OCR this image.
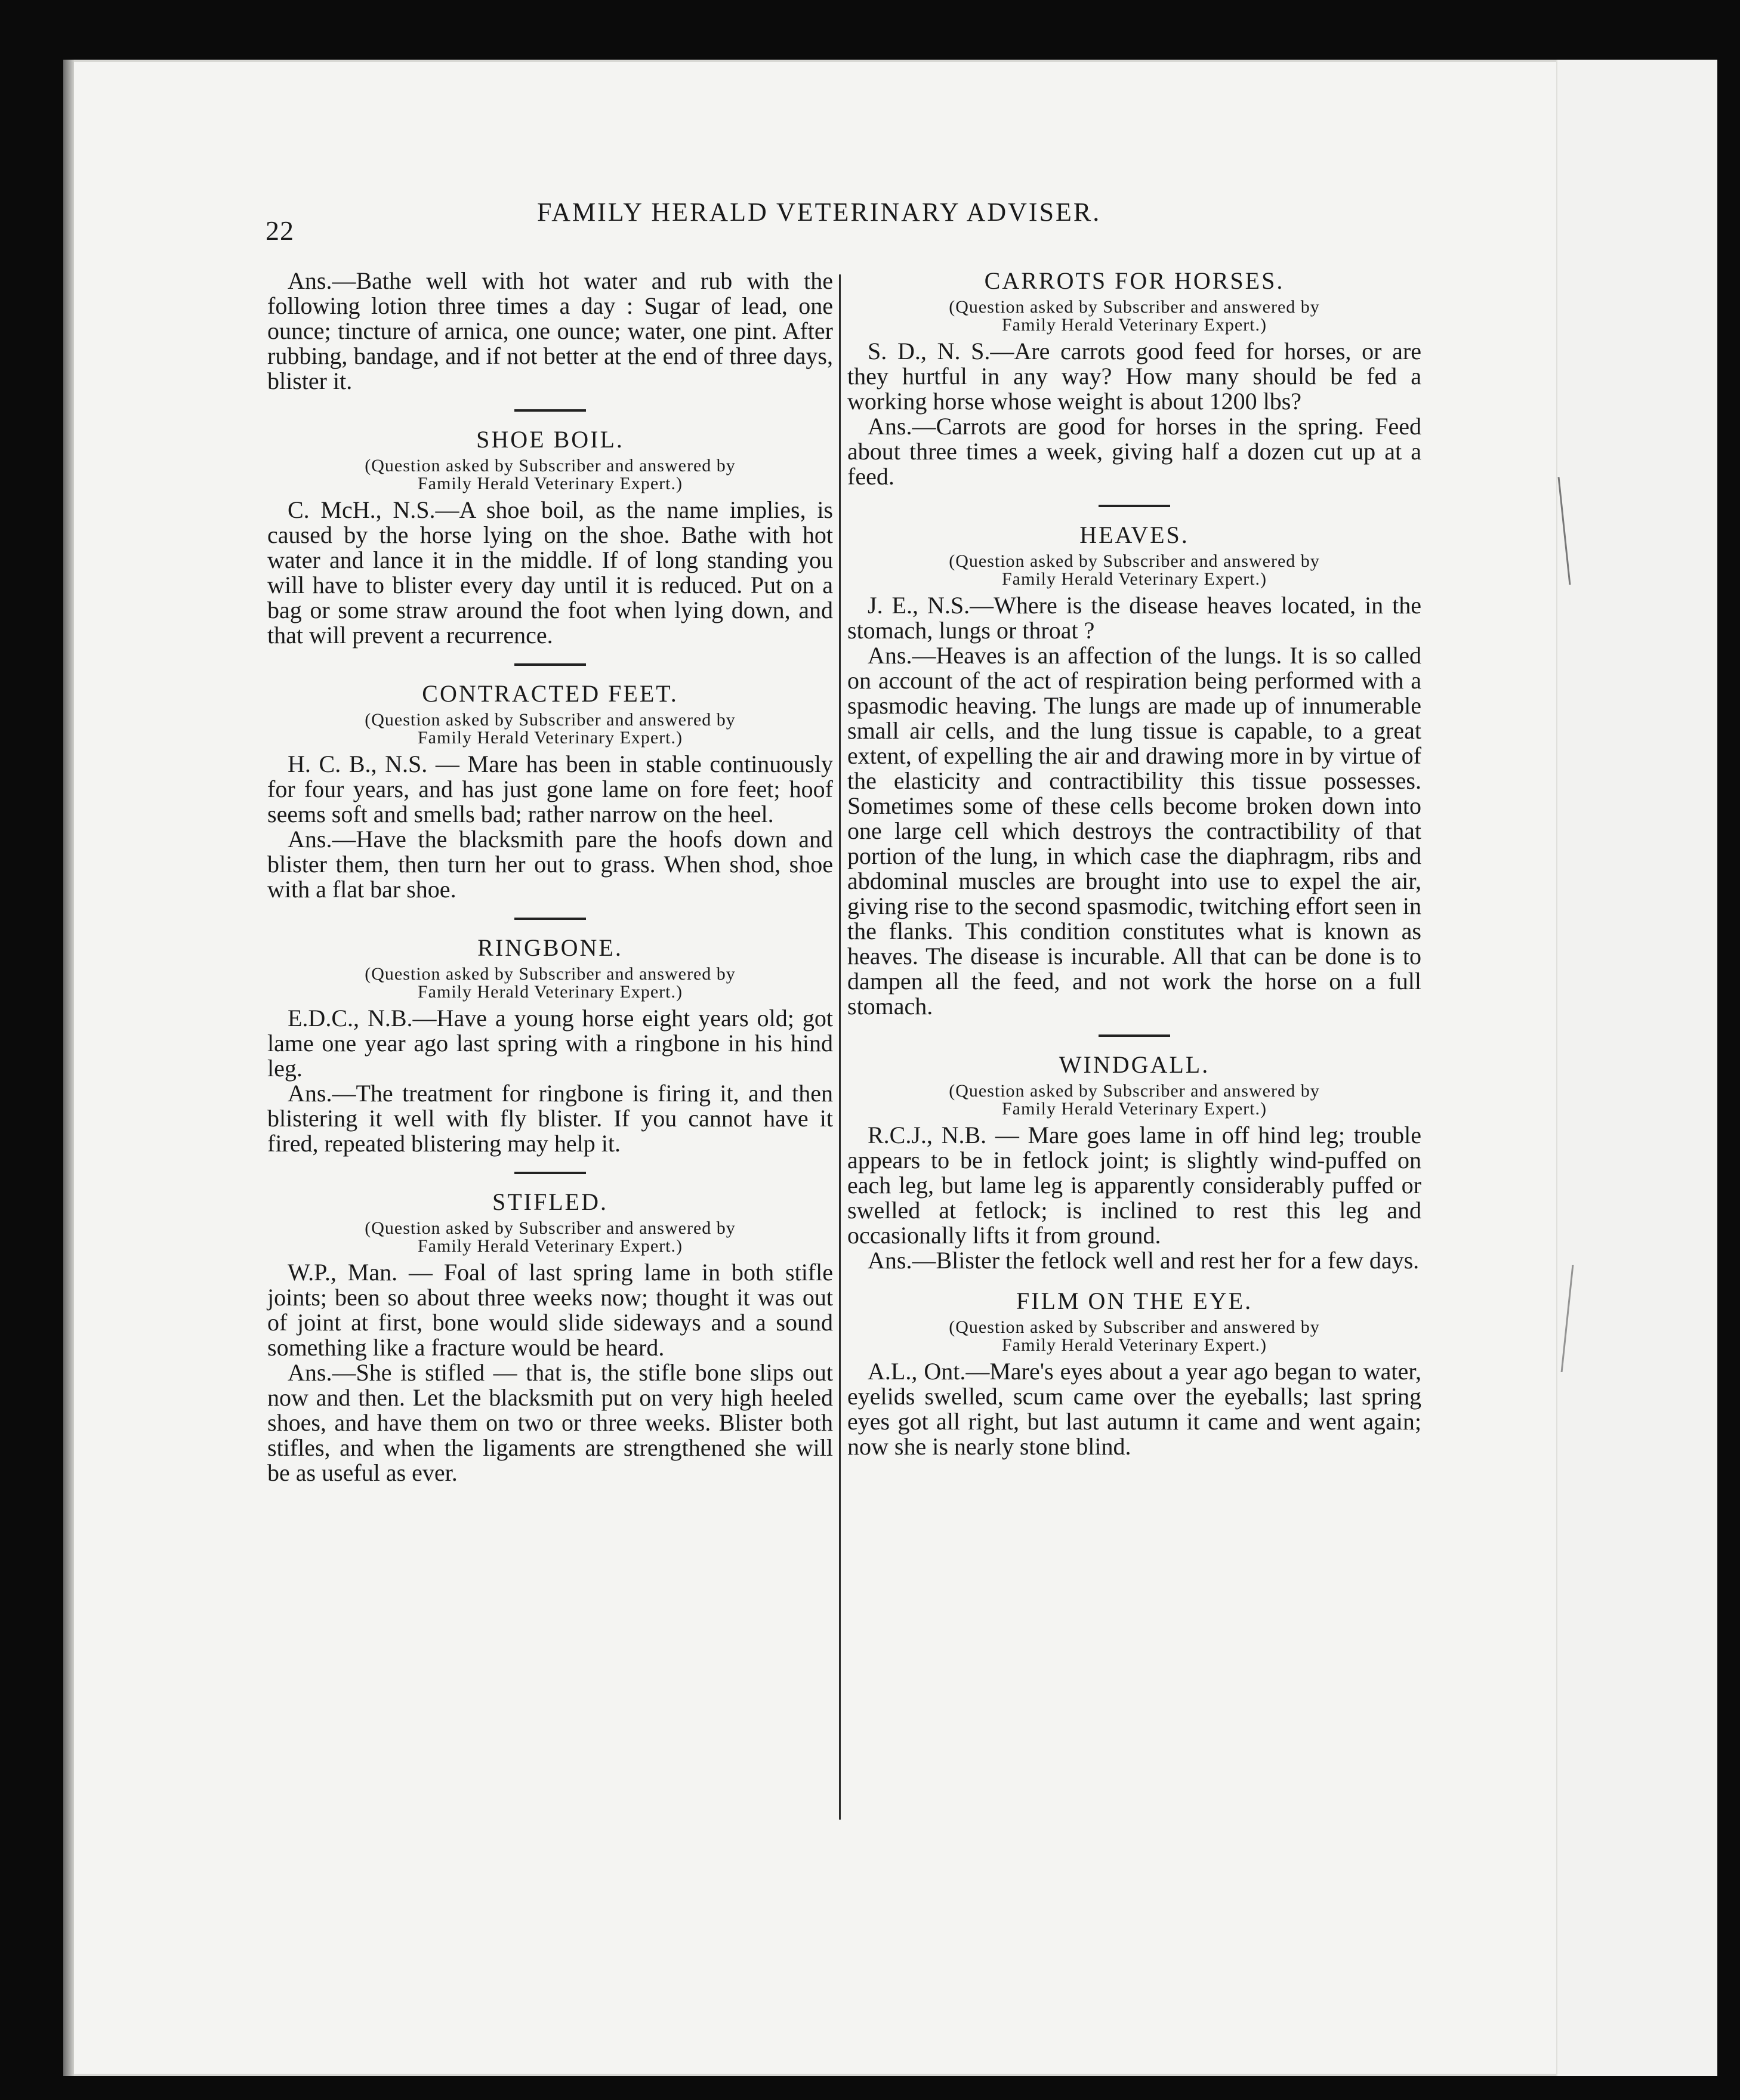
22
FAMILY HERALD VETERINARY ADVISER.

Ans.—Bathe well with hot water and rub with the following lotion three times a day : Sugar of lead, one ounce; tincture of arnica, one ounce; water, one pint. After rubbing, bandage, and if not better at the end of three days, blister it.

SHOE BOIL.
(Question asked by Subscriber and answered by
Family Herald Veterinary Expert.)

C. McH., N.S.—A shoe boil, as the name implies, is caused by the horse lying on the shoe. Bathe with hot water and lance it in the middle. If of long standing you will have to blister every day until it is reduced. Put on a bag or some straw around the foot when lying down, and that will prevent a recurrence.

CONTRACTED FEET.
(Question asked by Subscriber and answered by
Family Herald Veterinary Expert.)

H. C. B., N.S. — Mare has been in stable continuously for four years, and has just gone lame on fore feet; hoof seems soft and smells bad; rather narrow on the heel.

Ans.—Have the blacksmith pare the hoofs down and blister them, then turn her out to grass. When shod, shoe with a flat bar shoe.

RINGBONE.
(Question asked by Subscriber and answered by
Family Herald Veterinary Expert.)

E.D.C., N.B.—Have a young horse eight years old; got lame one year ago last spring with a ringbone in his hind leg.

Ans.—The treatment for ringbone is firing it, and then blistering it well with fly blister. If you cannot have it fired, repeated blistering may help it.

STIFLED.
(Question asked by Subscriber and answered by
Family Herald Veterinary Expert.)

W.P., Man. — Foal of last spring lame in both stifle joints; been so about three weeks now; thought it was out of joint at first, bone would slide sideways and a sound something like a fracture would be heard.

Ans.—She is stifled — that is, the stifle bone slips out now and then. Let the blacksmith put on very high heeled shoes, and have them on two or three weeks. Blister both stifles, and when the ligaments are strengthened she will be as useful as ever.

CARROTS FOR HORSES.
(Question asked by Subscriber and answered by
Family Herald Veterinary Expert.)

S. D., N. S.—Are carrots good feed for horses, or are they hurtful in any way? How many should be fed a working horse whose weight is about 1200 lbs?

Ans.—Carrots are good for horses in the spring. Feed about three times a week, giving half a dozen cut up at a feed.

HEAVES.
(Question asked by Subscriber and answered by
Family Herald Veterinary Expert.)

J. E., N.S.—Where is the disease heaves located, in the stomach, lungs or throat ?

Ans.—Heaves is an affection of the lungs. It is so called on account of the act of respiration being performed with a spasmodic heaving. The lungs are made up of innumerable small air cells, and the lung tissue is capable, to a great extent, of expelling the air and drawing more in by virtue of the elasticity and contractibility this tissue possesses. Sometimes some of these cells become broken down into one large cell which destroys the contractibility of that portion of the lung, in which case the diaphragm, ribs and abdominal muscles are brought into use to expel the air, giving rise to the second spasmodic, twitching effort seen in the flanks. This condition constitutes what is known as heaves. The disease is incurable. All that can be done is to dampen all the feed, and not work the horse on a full stomach.

WINDGALL.
(Question asked by Subscriber and answered by
Family Herald Veterinary Expert.)

R.C.J., N.B. — Mare goes lame in off hind leg; trouble appears to be in fetlock joint; is slightly wind-puffed on each leg, but lame leg is apparently considerably puffed or swelled at fetlock; is inclined to rest this leg and occasionally lifts it from ground.

Ans.—Blister the fetlock well and rest her for a few days.

FILM ON THE EYE.
(Question asked by Subscriber and answered by
Family Herald Veterinary Expert.)

A.L., Ont.—Mare's eyes about a year ago began to water, eyelids swelled, scum came over the eyeballs; last spring eyes got all right, but last autumn it came and went again; now she is nearly stone blind.
